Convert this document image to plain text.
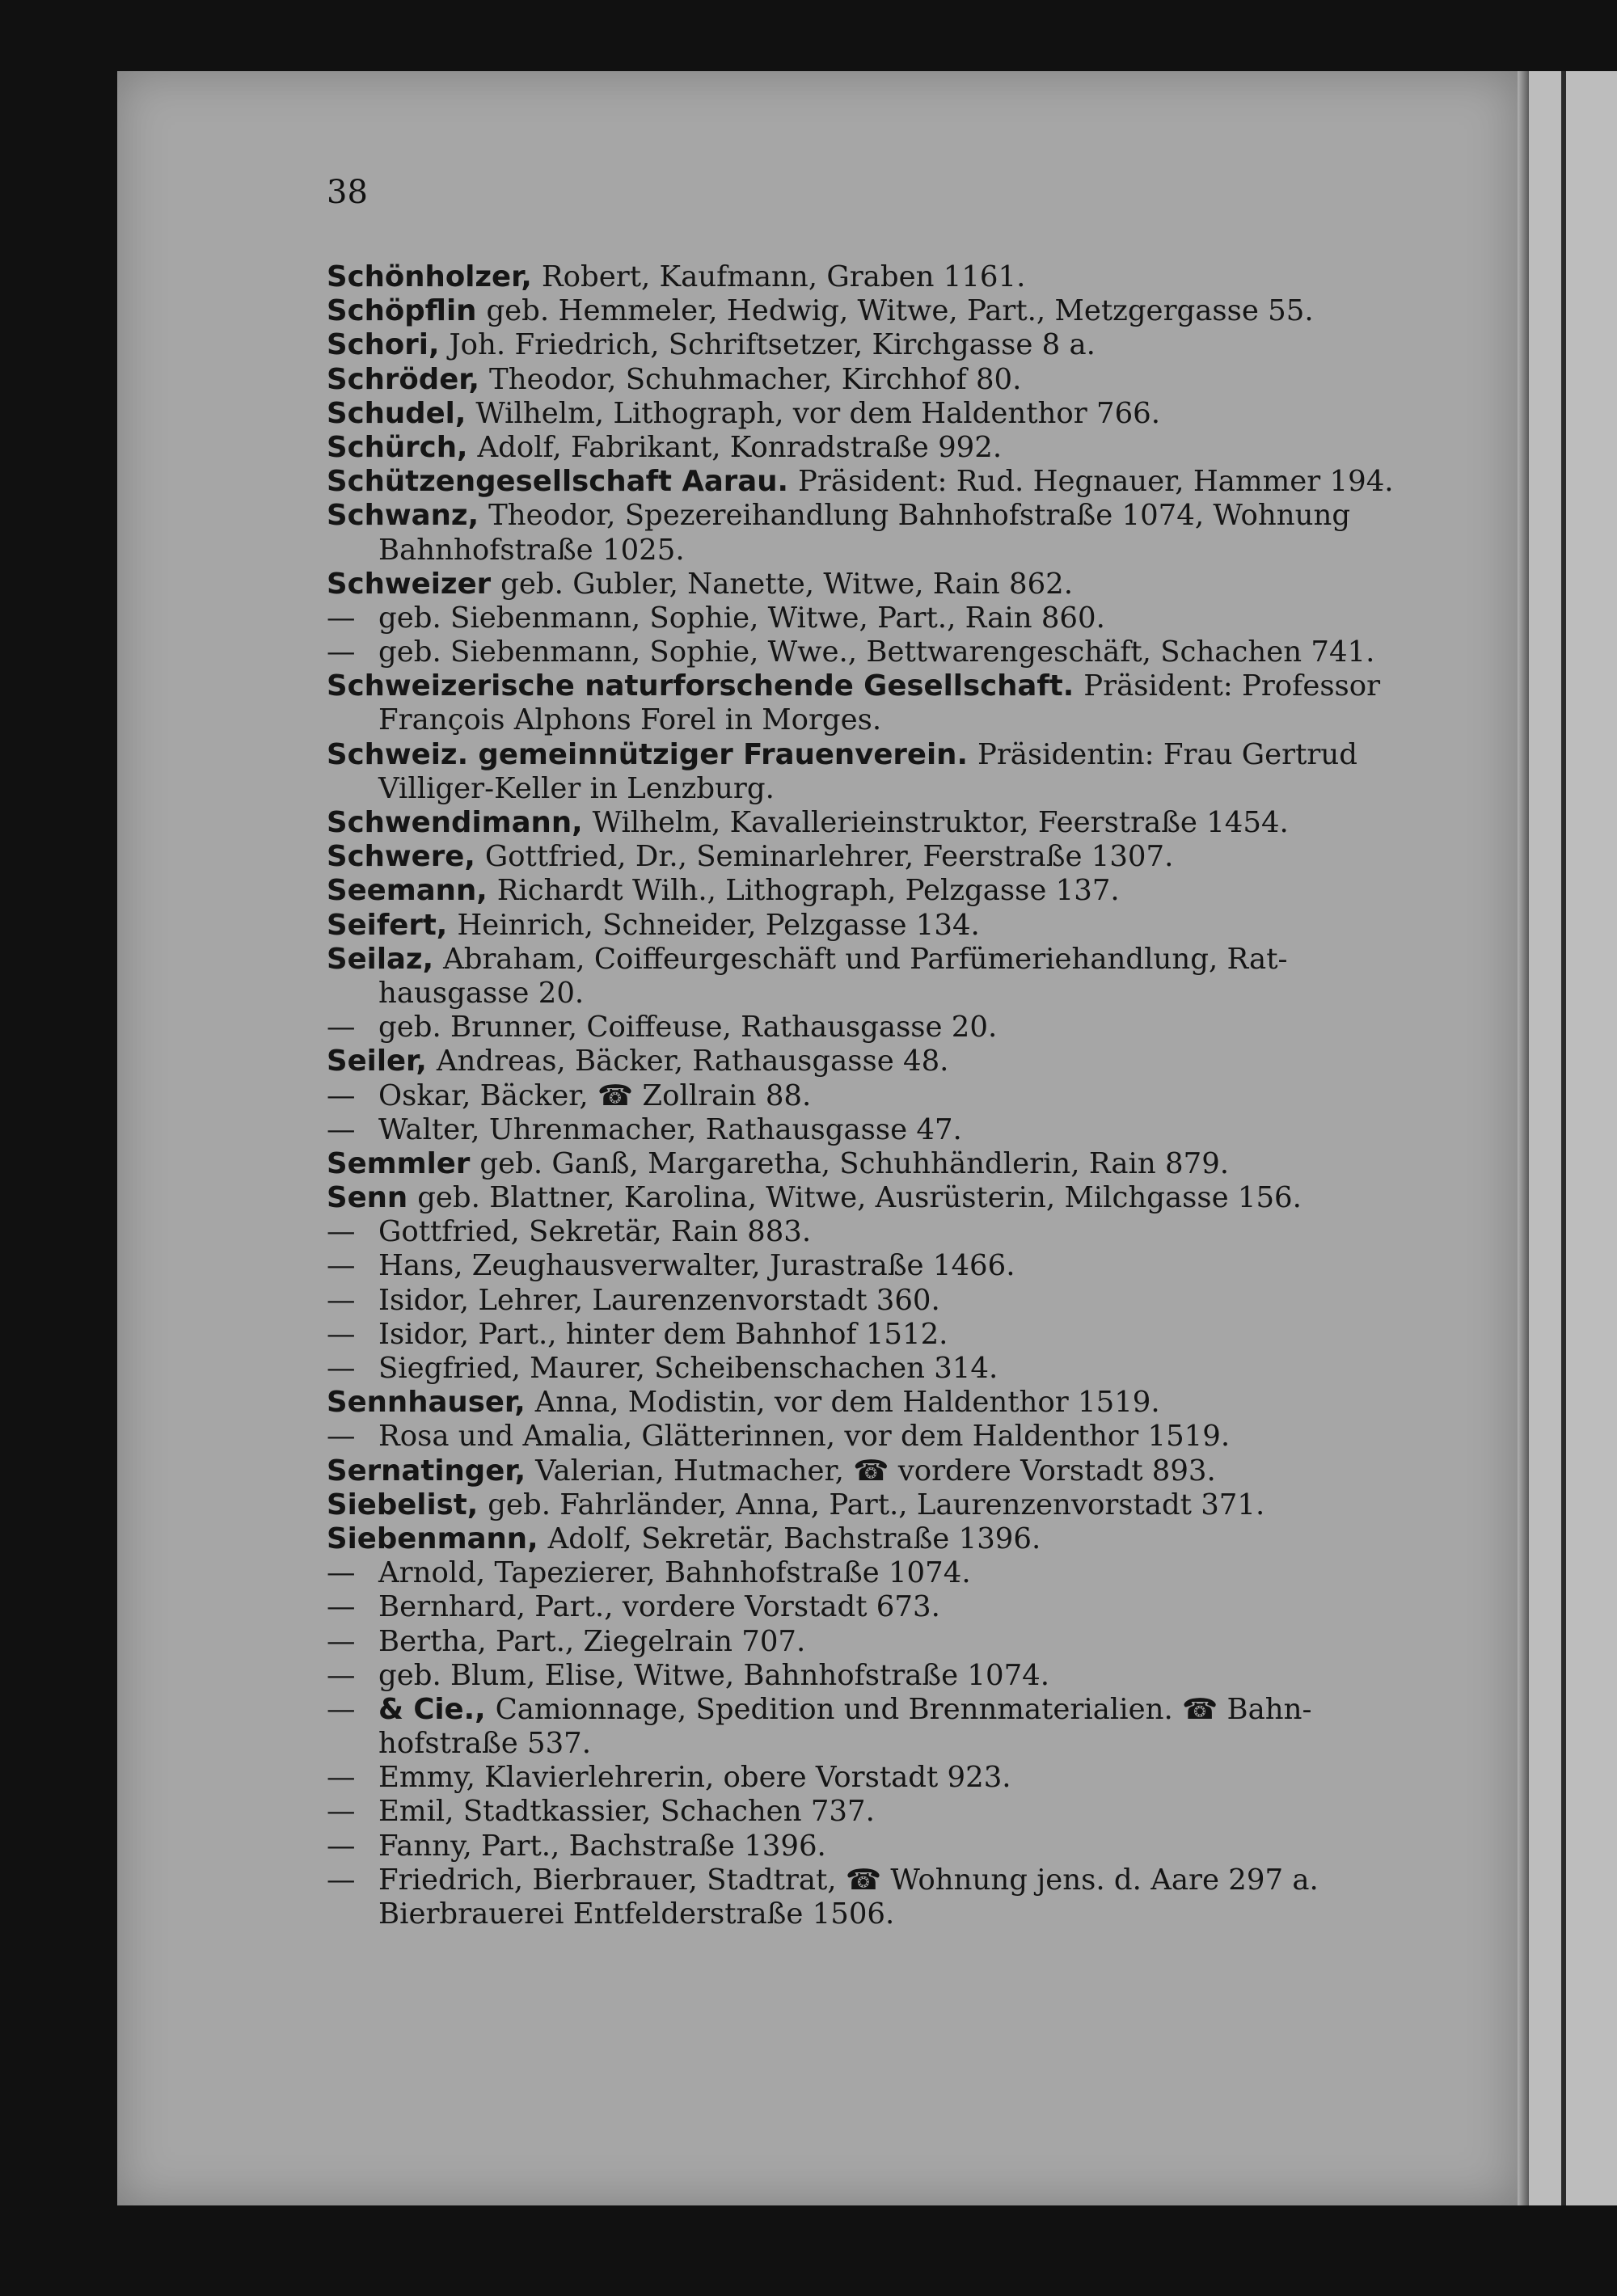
38
Schönholzer, Robert, Kaufmann, Graben 1161.
Schöpflin geb. Hemmeler, Hedwig, Witwe, Part., Metzgergasse 55.
Schori, Joh. Friedrich, Schriftsetzer, Kirchgasse 8 a.
Schröder, Theodor, Schuhmacher, Kirchhof 80.
Schudel, Wilhelm, Lithograph, vor dem Haldenthor 766.
Schürch, Adolf, Fabrikant, Konradstraße 992.
Schützengesellschaft Aarau. Präsident: Rud. Hegnauer, Hammer 194.
Schwanz, Theodor, Spezereihandlung Bahnhofstraße 1074, Wohnung
Bahnhofstraße 1025.
Schweizer geb. Gubler, Nanette, Witwe, Rain 862.
— geb. Siebenmann, Sophie, Witwe, Part., Rain 860.
— geb. Siebenmann, Sophie, Wwe., Bettwarengeschäft, Schachen 741.
Schweizerische naturforschende Gesellschaft. Präsident: Professor
François Alphons Forel in Morges.
Schweiz. gemeinnütziger Frauenverein. Präsidentin: Frau Gertrud
Villiger-Keller in Lenzburg.
Schwendimann, Wilhelm, Kavallerieinstruktor, Feerstraße 1454.
Schwere, Gottfried, Dr., Seminarlehrer, Feerstraße 1307.
Seemann, Richardt Wilh., Lithograph, Pelzgasse 137.
Seifert, Heinrich, Schneider, Pelzgasse 134.
Seilaz, Abraham, Coiffeurgeschäft und Parfümeriehandlung, Rat-
hausgasse 20.
— geb. Brunner, Coiffeuse, Rathausgasse 20.
Seiler, Andreas, Bäcker, Rathausgasse 48.
— Oskar, Bäcker, ☎ Zollrain 88.
— Walter, Uhrenmacher, Rathausgasse 47.
Semmler geb. Ganß, Margaretha, Schuhhändlerin, Rain 879.
Senn geb. Blattner, Karolina, Witwe, Ausrüsterin, Milchgasse 156.
— Gottfried, Sekretär, Rain 883.
— Hans, Zeughausverwalter, Jurastraße 1466.
— Isidor, Lehrer, Laurenzenvorstadt 360.
— Isidor, Part., hinter dem Bahnhof 1512.
— Siegfried, Maurer, Scheibenschachen 314.
Sennhauser, Anna, Modistin, vor dem Haldenthor 1519.
— Rosa und Amalia, Glätterinnen, vor dem Haldenthor 1519.
Sernatinger, Valerian, Hutmacher, ☎ vordere Vorstadt 893.
Siebelist, geb. Fahrländer, Anna, Part., Laurenzenvorstadt 371.
Siebenmann, Adolf, Sekretär, Bachstraße 1396.
— Arnold, Tapezierer, Bahnhofstraße 1074.
— Bernhard, Part., vordere Vorstadt 673.
— Bertha, Part., Ziegelrain 707.
— geb. Blum, Elise, Witwe, Bahnhofstraße 1074.
— & Cie., Camionnage, Spedition und Brennmaterialien. ☎ Bahn-
hofstraße 537.
— Emmy, Klavierlehrerin, obere Vorstadt 923.
— Emil, Stadtkassier, Schachen 737.
— Fanny, Part., Bachstraße 1396.
— Friedrich, Bierbrauer, Stadtrat, ☎ Wohnung jens. d. Aare 297 a.
Bierbrauerei Entfelderstraße 1506.
